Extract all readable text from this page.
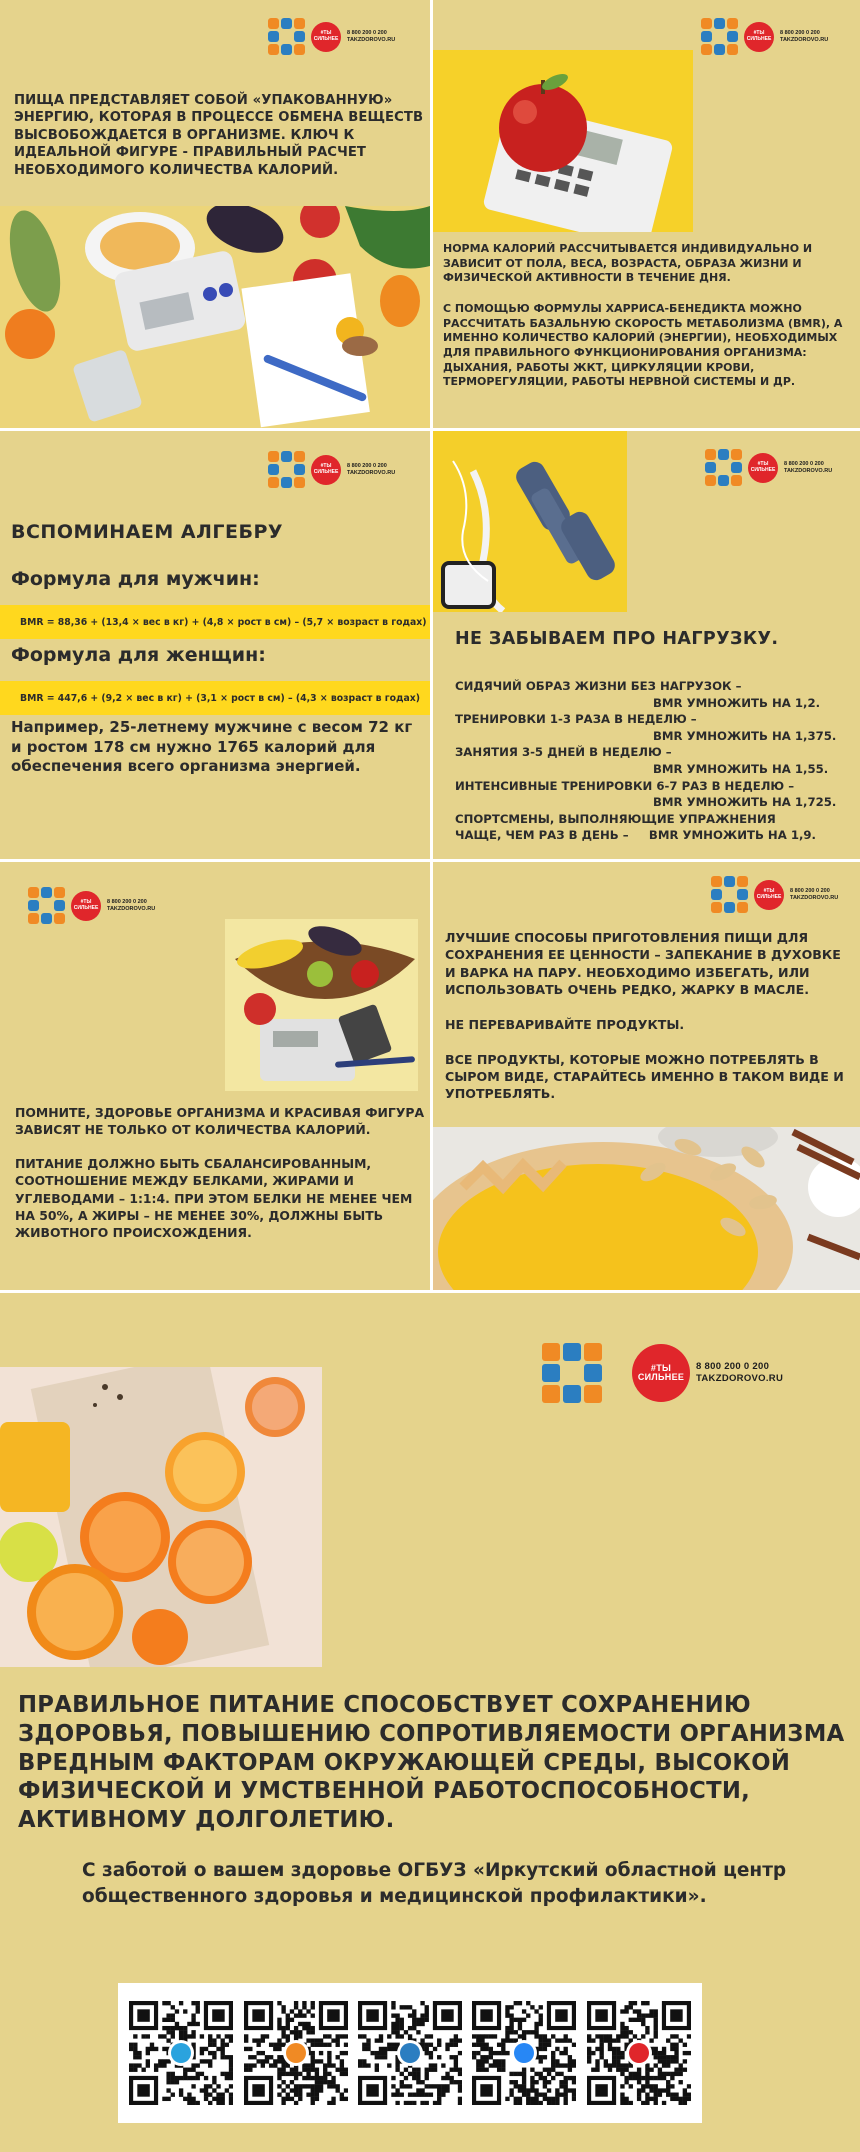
#ТЫ СИЛЬНЕЕ
8 800 200 0 200
TAKZDOROVO.RU

ПИЩА ПРЕДСТАВЛЯЕТ СОБОЙ «УПАКОВАННУЮ» ЭНЕРГИЮ, КОТОРАЯ В ПРОЦЕССЕ ОБМЕНА ВЕЩЕСТВ ВЫСВОБОЖДАЕТСЯ В ОРГАНИЗМЕ. КЛЮЧ К ИДЕАЛЬНОЙ ФИГУРЕ - ПРАВИЛЬНЫЙ РАСЧЕТ НЕОБХОДИМОГО КОЛИЧЕСТВА КАЛОРИЙ.

#ТЫ СИЛЬНЕЕ
8 800 200 0 200
TAKZDOROVO.RU

НОРМА КАЛОРИЙ РАССЧИТЫВАЕТСЯ ИНДИВИДУАЛЬНО И ЗАВИСИТ ОТ ПОЛА, ВЕСА, ВОЗРАСТА, ОБРАЗА ЖИЗНИ И ФИЗИЧЕСКОЙ АКТИВНОСТИ В ТЕЧЕНИЕ ДНЯ.

С ПОМОЩЬЮ ФОРМУЛЫ ХАРРИСА-БЕНЕДИКТА МОЖНО РАССЧИТАТЬ БАЗАЛЬНУЮ СКОРОСТЬ МЕТАБОЛИЗМА (BMR), А ИМЕННО КОЛИЧЕСТВО КАЛОРИЙ (ЭНЕРГИИ), НЕОБХОДИМЫХ ДЛЯ ПРАВИЛЬНОГО ФУНКЦИОНИРОВАНИЯ ОРГАНИЗМА: ДЫХАНИЯ, РАБОТЫ ЖКТ, ЦИРКУЛЯЦИИ КРОВИ, ТЕРМОРЕГУЛЯЦИИ, РАБОТЫ НЕРВНОЙ СИСТЕМЫ И ДР.

#ТЫ СИЛЬНЕЕ
8 800 200 0 200
TAKZDOROVO.RU
ВСПОМИНАЕМ АЛГЕБРУ
Формула для мужчин:
BMR = 88,36 + (13,4 × вес в кг) + (4,8 × рост в см) – (5,7 × возраст в годах)
Формула для женщин:
BMR = 447,6 + (9,2 × вес в кг) + (3,1 × рост в см) – (4,3 × возраст в годах)

Например, 25-летнему мужчине с весом 72 кг и ростом 178 см нужно 1765 калорий для обеспечения всего организма энергией.

#ТЫ СИЛЬНЕЕ
8 800 200 0 200
TAKZDOROVO.RU
НЕ ЗАБЫВАЕМ ПРО НАГРУЗКУ.
СИДЯЧИЙ ОБРАЗ ЖИЗНИ БЕЗ НАГРУЗОК –
BMR УМНОЖИТЬ НА 1,2.
ТРЕНИРОВКИ 1-3 РАЗА В НЕДЕЛЮ –
BMR УМНОЖИТЬ НА 1,375.
ЗАНЯТИЯ 3-5 ДНЕЙ В НЕДЕЛЮ –
BMR УМНОЖИТЬ НА 1,55.
ИНТЕНСИВНЫЕ ТРЕНИРОВКИ 6-7 РАЗ В НЕДЕЛЮ –
BMR УМНОЖИТЬ НА 1,725.
СПОРТСМЕНЫ, ВЫПОЛНЯЮЩИЕ УПРАЖНЕНИЯ
ЧАЩЕ, ЧЕМ РАЗ В ДЕНЬ – BMR УМНОЖИТЬ НА 1,9.
#ТЫ СИЛЬНЕЕ
8 800 200 0 200
TAKZDOROVO.RU

ПОМНИТЕ, ЗДОРОВЬЕ ОРГАНИЗМА И КРАСИВАЯ ФИГУРА ЗАВИСЯТ НЕ ТОЛЬКО ОТ КОЛИЧЕСТВА КАЛОРИЙ.

ПИТАНИЕ ДОЛЖНО БЫТЬ СБАЛАНСИРОВАННЫМ, СООТНОШЕНИЕ МЕЖДУ БЕЛКАМИ, ЖИРАМИ И УГЛЕВОДАМИ – 1:1:4. ПРИ ЭТОМ БЕЛКИ НЕ МЕНЕЕ ЧЕМ НА 50%, А ЖИРЫ – НЕ МЕНЕЕ 30%, ДОЛЖНЫ БЫТЬ ЖИВОТНОГО ПРОИСХОЖДЕНИЯ.

#ТЫ СИЛЬНЕЕ
8 800 200 0 200
TAKZDOROVO.RU

ЛУЧШИЕ СПОСОБЫ ПРИГОТОВЛЕНИЯ ПИЩИ ДЛЯ СОХРАНЕНИЯ ЕЕ ЦЕННОСТИ – ЗАПЕКАНИЕ В ДУХОВКЕ И ВАРКА НА ПАРУ. НЕОБХОДИМО ИЗБЕГАТЬ, ИЛИ ИСПОЛЬЗОВАТЬ ОЧЕНЬ РЕДКО, ЖАРКУ В МАСЛЕ.

НЕ ПЕРЕВАРИВАЙТЕ ПРОДУКТЫ.

ВСЕ ПРОДУКТЫ, КОТОРЫЕ МОЖНО ПОТРЕБЛЯТЬ В СЫРОМ ВИДЕ, СТАРАЙТЕСЬ ИМЕННО В ТАКОМ ВИДЕ И УПОТРЕБЛЯТЬ.

#ТЫ СИЛЬНЕЕ
8 800 200 0 200
TAKZDOROVO.RU

ПРАВИЛЬНОЕ ПИТАНИЕ СПОСОБСТВУЕТ СОХРАНЕНИЮ ЗДОРОВЬЯ, ПОВЫШЕНИЮ СОПРОТИВЛЯЕМОСТИ ОРГАНИЗМА ВРЕДНЫМ ФАКТОРАМ ОКРУЖАЮЩЕЙ СРЕДЫ, ВЫСОКОЙ ФИЗИЧЕСКОЙ И УМСТВЕННОЙ РАБОТОСПОСОБНОСТИ, АКТИВНОМУ ДОЛГОЛЕТИЮ.

С заботой о вашем здоровье ОГБУЗ «Иркутский областной центр общественного здоровья и медицинской профилактики».
